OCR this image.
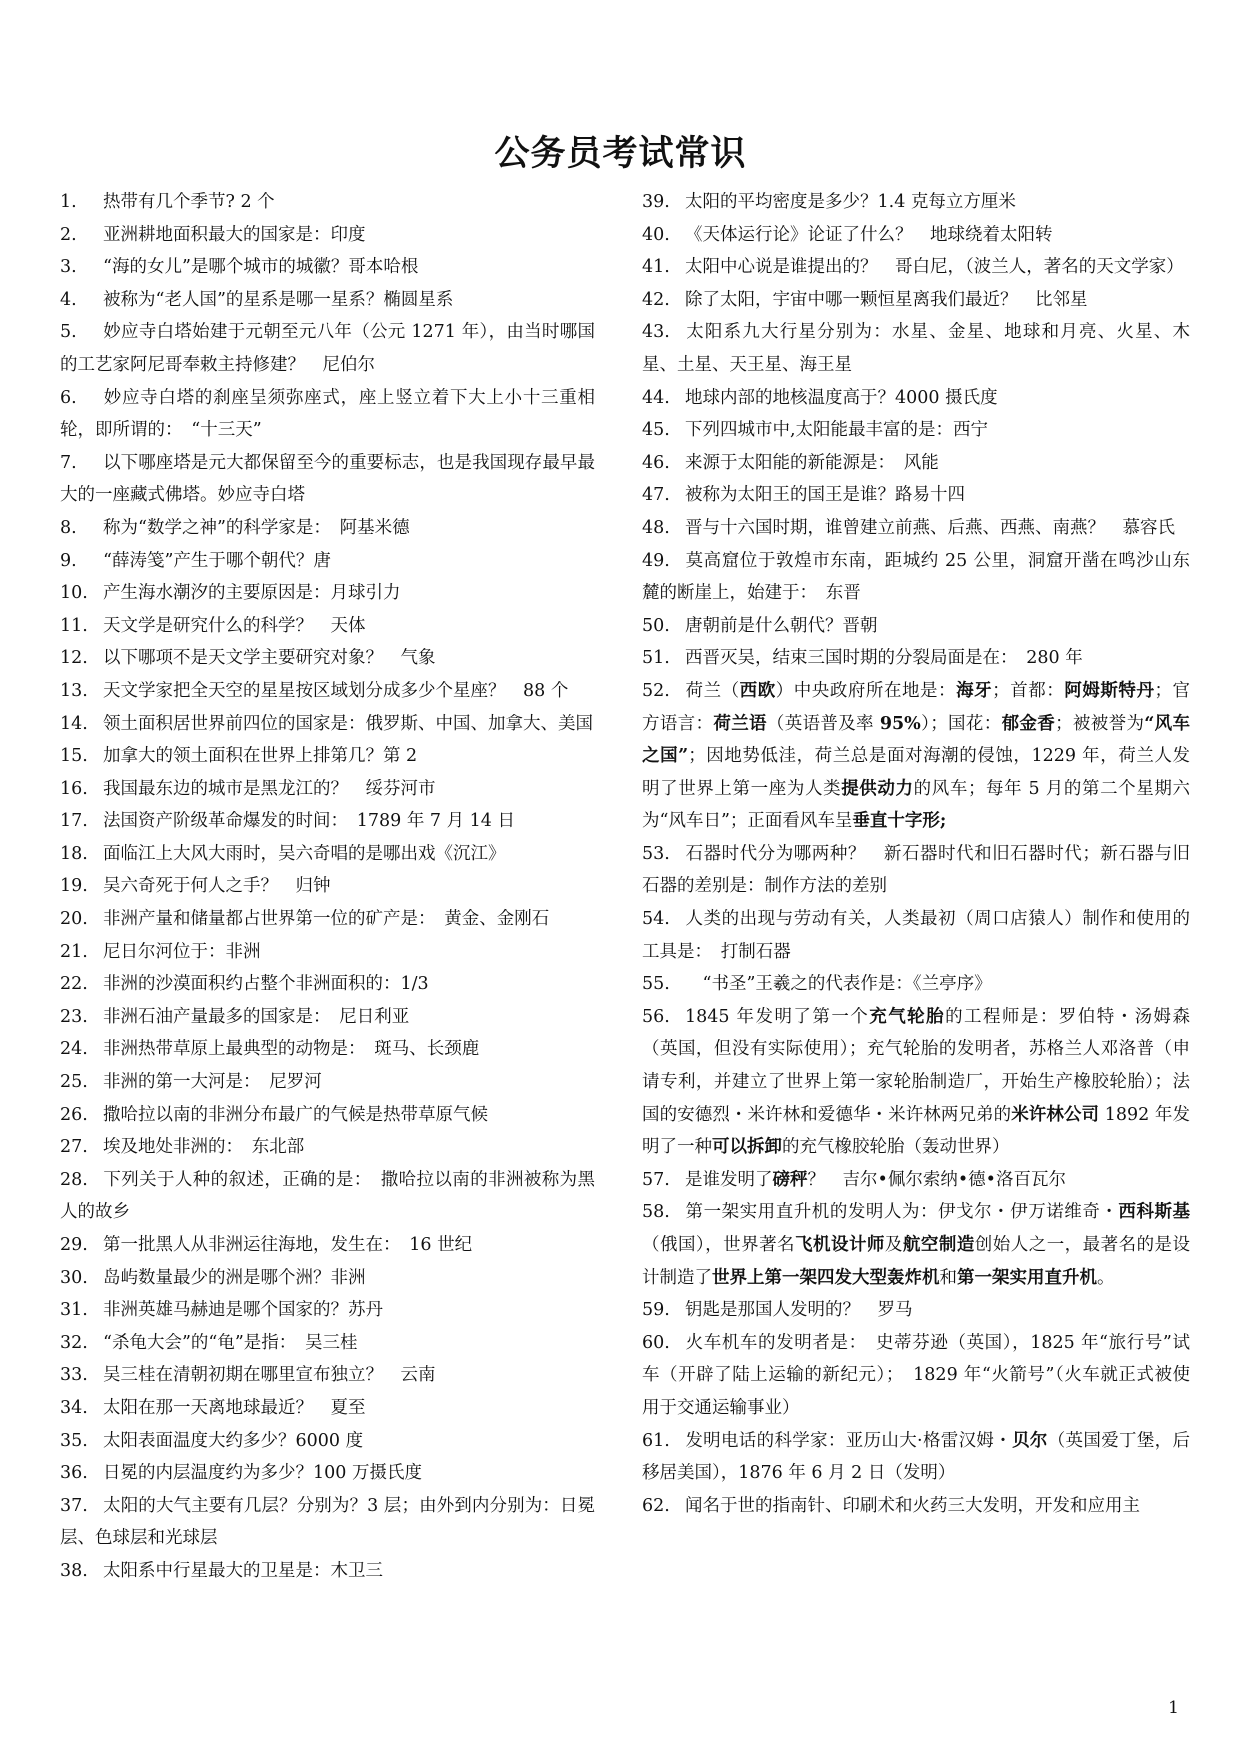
公务员考试常识

1. 热带有几个季节? 2 个

2. 亚洲耕地面积最大的国家是：印度

3. “海的女儿”是哪个城市的城徽？哥本哈根

4. 被称为“老人国”的星系是哪一星系？椭圆星系

5. 妙应寺白塔始建于元朝至元八年（公元 1271 年），由当时哪国的工艺家阿尼哥奉敕主持修建？　尼伯尔

6. 妙应寺白塔的刹座呈须弥座式，座上竖立着下大上小十三重相轮，即所谓的：　“十三天”

7. 以下哪座塔是元大都保留至今的重要标志，也是我国现存最早最大的一座藏式佛塔。妙应寺白塔

8. 称为“数学之神”的科学家是：　阿基米德

9. “薛涛笺”产生于哪个朝代？唐

10. 产生海水潮汐的主要原因是：月球引力

11. 天文学是研究什么的科学？　天体

12. 以下哪项不是天文学主要研究对象？　气象

13. 天文学家把全天空的星星按区域划分成多少个星座？　88 个

14. 领土面积居世界前四位的国家是：俄罗斯、中国、加拿大、美国

15. 加拿大的领土面积在世界上排第几？第 2

16. 我国最东边的城市是黑龙江的？　绥芬河市

17. 法国资产阶级革命爆发的时间：　1789 年 7 月 14 日

18. 面临江上大风大雨时，吴六奇唱的是哪出戏《沉江》

19. 吴六奇死于何人之手？　归钟

20. 非洲产量和储量都占世界第一位的矿产是：　黄金、金刚石

21. 尼日尔河位于：非洲

22. 非洲的沙漠面积约占整个非洲面积的：1/3

23. 非洲石油产量最多的国家是：　尼日利亚

24. 非洲热带草原上最典型的动物是：　斑马、长颈鹿

25. 非洲的第一大河是：　尼罗河

26. 撒哈拉以南的非洲分布最广的气候是热带草原气候

27. 埃及地处非洲的：　东北部

28. 下列关于人种的叙述，正确的是：　撒哈拉以南的非洲被称为黑人的故乡

29. 第一批黑人从非洲运往海地，发生在：　16 世纪

30. 岛屿数量最少的洲是哪个洲？非洲

31. 非洲英雄马赫迪是哪个国家的？苏丹

32. “杀龟大会”的“龟”是指：　吴三桂

33. 吴三桂在清朝初期在哪里宣布独立？　云南

34. 太阳在那一天离地球最近？　夏至

35. 太阳表面温度大约多少？6000 度

36. 日冕的内层温度约为多少？100 万摄氏度

37. 太阳的大气主要有几层？分别为？3 层；由外到内分别为：日冕层、色球层和光球层

38. 太阳系中行星最大的卫星是：木卫三

39. 太阳的平均密度是多少？1.4 克每立方厘米

40. 《天体运行论》论证了什么？　地球绕着太阳转

41. 太阳中心说是谁提出的？　哥白尼，（波兰人，著名的天文学家）

42. 除了太阳，宇宙中哪一颗恒星离我们最近？　比邻星

43. 太阳系九大行星分别为：水星、金星、地球和月亮、火星、木星、土星、天王星、海王星

44. 地球内部的地核温度高于？4000 摄氏度

45. 下列四城市中,太阳能最丰富的是：西宁

46. 来源于太阳能的新能源是：　风能

47. 被称为太阳王的国王是谁？路易十四

48. 晋与十六国时期，谁曾建立前燕、后燕、西燕、南燕？　慕容氏

49. 莫高窟位于敦煌市东南，距城约 25 公里，洞窟开凿在鸣沙山东麓的断崖上，始建于：　东晋

50. 唐朝前是什么朝代？晋朝

51. 西晋灭吴，结束三国时期的分裂局面是在：　280 年

52. 荷兰（西欧）中央政府所在地是：海牙；首都：阿姆斯特丹；官方语言：荷兰语（英语普及率 95%）；国花：郁金香；被被誉为“风车之国”；因地势低洼，荷兰总是面对海潮的侵蚀，1229 年，荷兰人发明了世界上第一座为人类提供动力的风车；每年 5 月的第二个星期六为“风车日”；正面看风车呈垂直十字形;

53. 石器时代分为哪两种？　新石器时代和旧石器时代；新石器与旧石器的差别是：制作方法的差别

54. 人类的出现与劳动有关，人类最初（周口店猿人）制作和使用的工具是：　打制石器

55.　“书圣”王羲之的代表作是：《兰亭序》

56. 1845 年发明了第一个充气轮胎的工程师是：罗伯特・汤姆森（英国，但没有实际使用）；充气轮胎的发明者，苏格兰人邓洛普（申请专利，并建立了世界上第一家轮胎制造厂，开始生产橡胶轮胎）；法国的安德烈・米许林和爱德华・米许林两兄弟的米许林公司 1892 年发明了一种可以拆卸的充气橡胶轮胎（轰动世界）

57. 是谁发明了磅秤？　吉尔•佩尔索纳•德•洛百瓦尔

58. 第一架实用直升机的发明人为：伊戈尔・伊万诺维奇・西科斯基（俄国），世界著名飞机设计师及航空制造创始人之一，最著名的是设计制造了世界上第一架四发大型轰炸机和第一架实用直升机。

59. 钥匙是那国人发明的？　罗马

60. 火车机车的发明者是：　史蒂芬逊（英国），1825 年“旅行号”试车（开辟了陆上运输的新纪元）；　1829 年“火箭号”（火车就正式被使用于交通运输事业）

61. 发明电话的科学家：亚历山大·格雷汉姆・贝尔（英国爱丁堡，后移居美国），1876 年 6 月 2 日（发明）

62. 闻名于世的指南针、印刷术和火药三大发明，开发和应用主

1
